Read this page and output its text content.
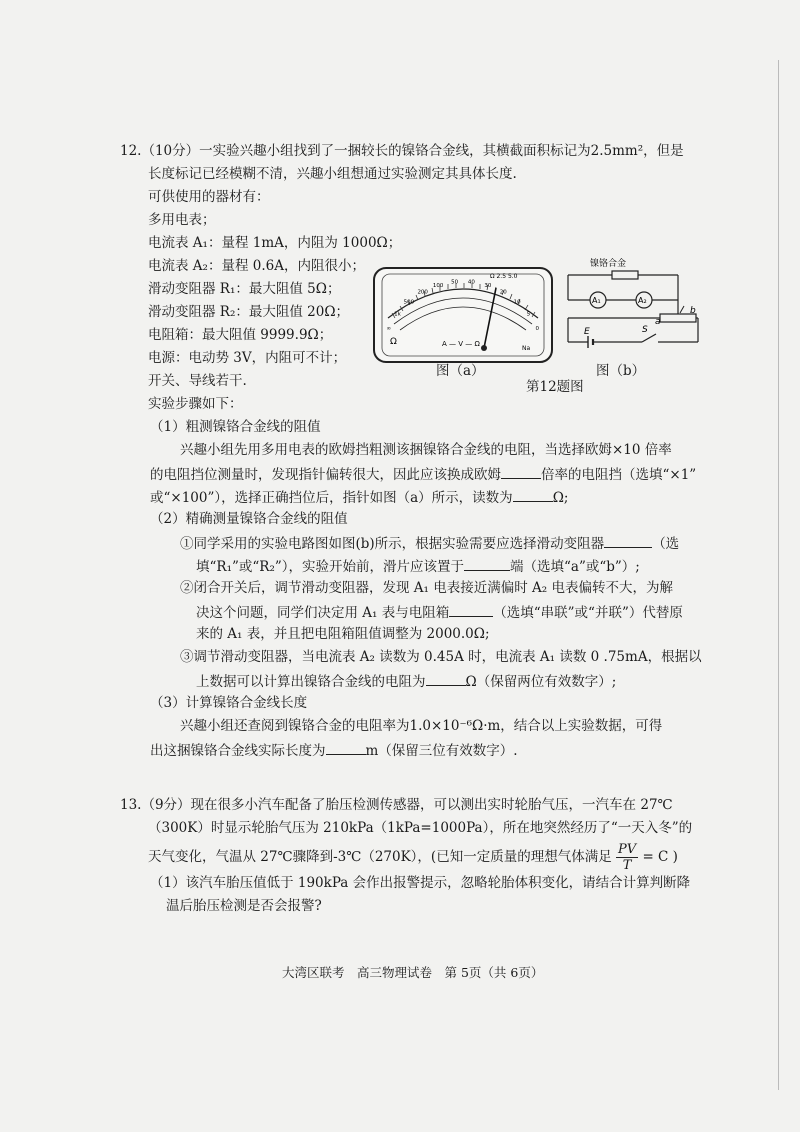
12.（10分）一实验兴趣小组找到了一捆较长的镍铬合金线，其横截面积标记为2.5mm²，但是
长度标记已经模糊不清，兴趣小组想通过实验测定其具体长度.
可供使用的器材有：
多用电表；
电流表 A₁：量程 1mA，内阻为 1000Ω；
电流表 A₂：量程 0.6A，内阻很小；
滑动变阻器 R₁：最大阻值 5Ω；
滑动变阻器 R₂：最大阻值 20Ω；
电阻箱：最大阻值 9999.9Ω；
电源：电动势 3V，内阻可不计；
开关、导线若干.
实验步骤如下：
Ω 2.5 5.0
Ω	A — V — Ω
Na
∞
1k
500
200
100
50 40
30
20
10
5
0
镍铬合金
A₁	A₂
a
b
E	S
图（a）	图（b）
第12题图
（1）粗测镍铬合金线的阻值
兴趣小组先用多用电表的欧姆挡粗测该捆镍铬合金线的电阻，当选择欧姆×10 倍率
的电阻挡位测量时，发现指针偏转很大，因此应该换成欧姆	倍率的电阻挡（选填“×1”
或“×100”），选择正确挡位后，指针如图（a）所示，读数为	Ω;
（2）精确测量镍铬合金线的阻值
①同学采用的实验电路图如图(b)所示，根据实验需要应选择滑动变阻器	（选
填“R₁”或“R₂”），实验开始前，滑片应该置于	端（选填“a”或“b”）;
②闭合开关后，调节滑动变阻器，发现 A₁ 电表接近满偏时 A₂ 电表偏转不大，为解
决这个问题，同学们决定用 A₁ 表与电阻箱	（选填“串联”或“并联”）代替原
来的 A₁ 表，并且把电阻箱阻值调整为 2000.0Ω;
③调节滑动变阻器，当电流表 A₂ 读数为 0.45A 时，电流表 A₁ 读数 0 .75mA，根据以
上数据可以计算出镍铬合金线的电阻为	Ω（保留两位有效数字）;
（3）计算镍铬合金线长度
兴趣小组还查阅到镍铬合金的电阻率为1.0×10⁻⁶Ω·m，结合以上实验数据，可得
出这捆镍铬合金线实际长度为	m（保留三位有效数字）.
13.（9分）现在很多小汽车配备了胎压检测传感器，可以测出实时轮胎气压，一汽车在 27℃
（300K）时显示轮胎气压为 210kPa（1kPa=1000Pa），所在地突然经历了“一天入冬”的
天气变化，气温从 27℃骤降到-3℃（270K），(已知一定质量的理想气体满足 $\frac{PV}{T} = C$ )
（1）该汽车胎压值低于 190kPa 会作出报警提示，忽略轮胎体积变化，请结合计算判断降
温后胎压检测是否会报警?
大湾区联考　高三物理试卷　第 5页（共 6页）
